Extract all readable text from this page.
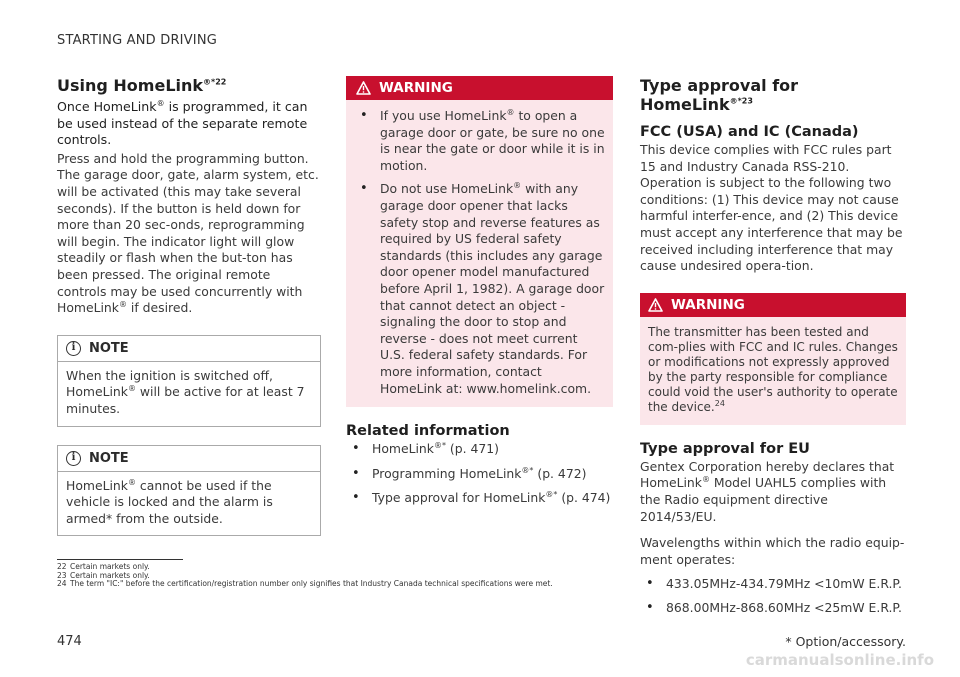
STARTING AND DRIVING
Using HomeLink$^{®*22}$

Once HomeLink® is programmed, it can be used instead of the separate remote controls.

Press and hold the programming button. The garage door, gate, alarm system, etc. will be activated (this may take several seconds). If the button is held down for more than 20 sec-onds, reprogramming will begin. The indicator light will glow steadily or flash when the but-ton has been pressed. The original remote controls may be used concurrently with HomeLink® if desired.

i	NOTE

When the ignition is switched off, HomeLink® will be active for at least 7 minutes.

i	NOTE

HomeLink® cannot be used if the vehicle is locked and the alarm is armed* from the outside.

WARNING
• If you use HomeLink® to open a garage door or gate, be sure no one is near the gate or door while it is in motion.
• Do not use HomeLink® with any garage door opener that lacks safety stop and reverse features as required by US federal safety standards (this includes any garage door opener model manufactured before April 1, 1982). A garage door that cannot detect an object - signaling the door to stop and reverse - does not meet current U.S. federal safety standards. For more information, contact HomeLink at: www.homelink.com.
Related information
• HomeLink®* (p. 471)
• Programming HomeLink®* (p. 472)
• Type approval for HomeLink®* (p. 474)
Type approval for HomeLink$^{®*23}$
FCC (USA) and IC (Canada)

This device complies with FCC rules part 15 and Industry Canada RSS-210. Operation is subject to the following two conditions: (1) This device may not cause harmful interfer-ence, and (2) This device must accept any interference that may be received including interference that may cause undesired opera-tion.

WARNING

The transmitter has been tested and com-plies with FCC and IC rules. Changes or modifications not expressly approved by the party responsible for compliance could void the user's authority to operate the device.$^{24}$

Type approval for EU

Gentex Corporation hereby declares that HomeLink® Model UAHL5 complies with the Radio equipment directive 2014/53/EU.

Wavelengths within which the radio equip-ment operates:

• 433.05MHz-434.79MHz <10mW E.R.P.
• 868.00MHz-868.60MHz <25mW E.R.P.
22 Certain markets only.
23 Certain markets only.
24 The term "IC:" before the certification/registration number only signifies that Industry Canada technical specifications were met.
474	* Option/accessory.
carmanualsonline.info
